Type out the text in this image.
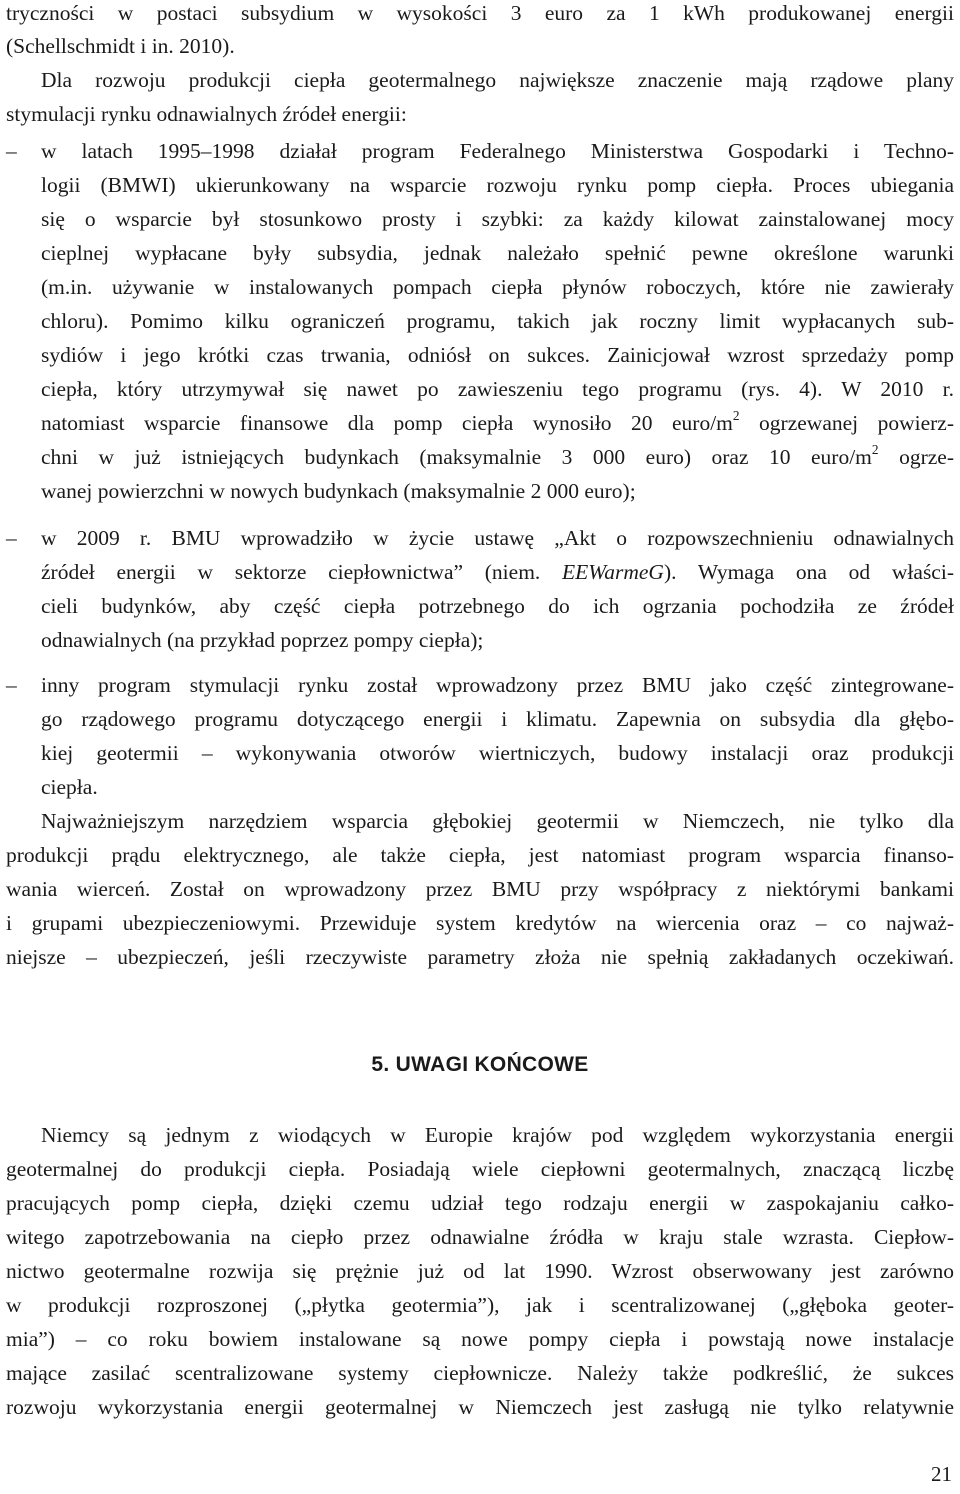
tryczności w postaci subsydium w wysokości 3 euro za 1 kWh produkowanej energii
(Schellschmidt i in. 2010).
Dla rozwoju produkcji ciepła geotermalnego największe znaczenie mają rządowe plany
stymulacji rynku odnawialnych źródeł energii:
–	w latach 1995–1998 działał program Federalnego Ministerstwa Gospodarki i Techno-
logii (BMWI) ukierunkowany na wsparcie rozwoju rynku pomp ciepła. Proces ubiegania
się o wsparcie był stosunkowo prosty i szybki: za każdy kilowat zainstalowanej mocy
cieplnej wypłacane były subsydia, jednak należało spełnić pewne określone warunki
(m.in. używanie w instalowanych pompach ciepła płynów roboczych, które nie zawierały
chloru). Pomimo kilku ograniczeń programu, takich jak roczny limit wypłacanych sub-
sydiów i jego krótki czas trwania, odniósł on sukces. Zainicjował wzrost sprzedaży pomp
ciepła, który utrzymywał się nawet po zawieszeniu tego programu (rys. 4). W 2010 r.
natomiast wsparcie finansowe dla pomp ciepła wynosiło 20 euro/$m^2$ ogrzewanej powierz-
chni w już istniejących budynkach (maksymalnie 3 000 euro) oraz 10 euro/$m^2$ ogrze-
wanej powierzchni w nowych budynkach (maksymalnie 2 000 euro);
–	w 2009 r. BMU wprowadziło w życie ustawę „Akt o rozpowszechnieniu odnawialnych
źródeł energii w sektorze ciepłownictwa” (niem. EEWarmeG). Wymaga ona od właści-
cieli budynków, aby część ciepła potrzebnego do ich ogrzania pochodziła ze źródeł
odnawialnych (na przykład poprzez pompy ciepła);
–	inny program stymulacji rynku został wprowadzony przez BMU jako część zintegrowane-
go rządowego programu dotyczącego energii i klimatu. Zapewnia on subsydia dla głębo-
kiej geotermii – wykonywania otworów wiertniczych, budowy instalacji oraz produkcji
ciepła.
Najważniejszym narzędziem wsparcia głębokiej geotermii w Niemczech, nie tylko dla
produkcji prądu elektrycznego, ale także ciepła, jest natomiast program wsparcia finanso-
wania wierceń. Został on wprowadzony przez BMU przy współpracy z niektórymi bankami
i grupami ubezpieczeniowymi. Przewiduje system kredytów na wiercenia oraz – co najważ-
niejsze – ubezpieczeń, jeśli rzeczywiste parametry złoża nie spełnią zakładanych oczekiwań.
5. UWAGI KOŃCOWE
Niemcy są jednym z wiodących w Europie krajów pod względem wykorzystania energii
geotermalnej do produkcji ciepła. Posiadają wiele ciepłowni geotermalnych, znaczącą liczbę
pracujących pomp ciepła, dzięki czemu udział tego rodzaju energii w zaspokajaniu całko-
witego zapotrzebowania na ciepło przez odnawialne źródła w kraju stale wzrasta. Ciepłow-
nictwo geotermalne rozwija się prężnie już od lat 1990. Wzrost obserwowany jest zarówno
w produkcji rozproszonej („płytka geotermia”), jak i scentralizowanej („głęboka geoter-
mia”) – co roku bowiem instalowane są nowe pompy ciepła i powstają nowe instalacje
mające zasilać scentralizowane systemy ciepłownicze. Należy także podkreślić, że sukces
rozwoju wykorzystania energii geotermalnej w Niemczech jest zasługą nie tylko relatywnie
21
